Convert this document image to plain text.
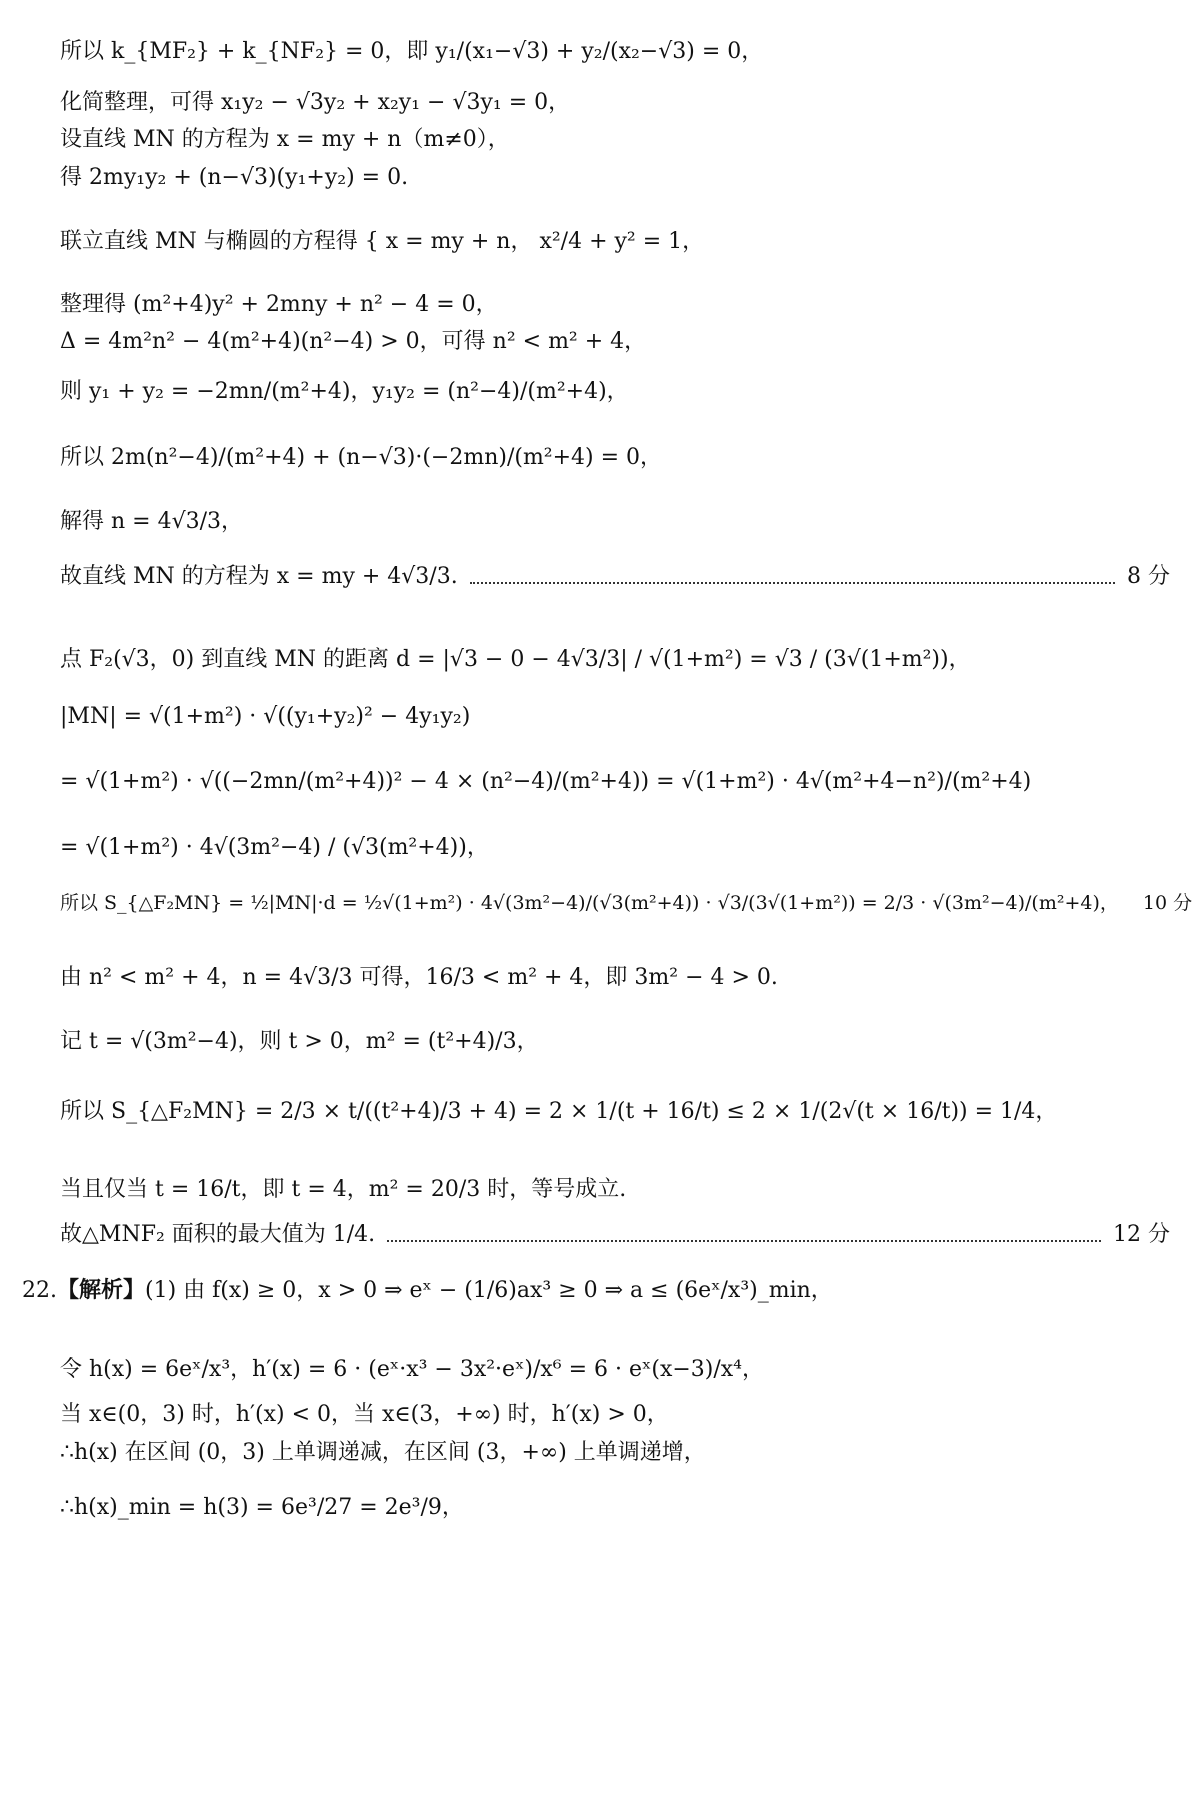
所以 k_{MF₂} + k_{NF₂} = 0，即 y₁/(x₁−√3) + y₂/(x₂−√3) = 0，
化简整理，可得 x₁y₂ − √3y₂ + x₂y₁ − √3y₁ = 0，
设直线 MN 的方程为 x = my + n（m≠0），
得 2my₁y₂ + (n−√3)(y₁+y₂) = 0.
联立直线 MN 与椭圆的方程得 { x = my + n， x²/4 + y² = 1，
整理得 (m²+4)y² + 2mny + n² − 4 = 0，
Δ = 4m²n² − 4(m²+4)(n²−4) > 0，可得 n² < m² + 4，
则 y₁ + y₂ = −2mn/(m²+4)，y₁y₂ = (n²−4)/(m²+4)，
所以 2m(n²−4)/(m²+4) + (n−√3)·(−2mn)/(m²+4) = 0，
解得 n = 4√3/3，
故直线 MN 的方程为 x = my + 4√3/3.	8 分
点 F₂(√3，0) 到直线 MN 的距离 d = |√3 − 0 − 4√3/3| / √(1+m²) = √3 / (3√(1+m²))，
|MN| = √(1+m²) · √((y₁+y₂)² − 4y₁y₂)
= √(1+m²) · √((−2mn/(m²+4))² − 4 × (n²−4)/(m²+4)) = √(1+m²) · 4√(m²+4−n²)/(m²+4)
= √(1+m²) · 4√(3m²−4) / (√3(m²+4))，
所以 S_{△F₂MN} = ½|MN|·d = ½√(1+m²) · 4√(3m²−4)/(√3(m²+4)) · √3/(3√(1+m²)) = 2/3 · √(3m²−4)/(m²+4)， 10 分
由 n² < m² + 4，n = 4√3/3 可得，16/3 < m² + 4，即 3m² − 4 > 0.
记 t = √(3m²−4)，则 t > 0，m² = (t²+4)/3，
所以 S_{△F₂MN} = 2/3 × t/((t²+4)/3 + 4) = 2 × 1/(t + 16/t) ≤ 2 × 1/(2√(t × 16/t)) = 1/4，
当且仅当 t = 16/t，即 t = 4，m² = 20/3 时，等号成立.
故△MNF₂ 面积的最大值为 1/4.	12 分
22.【解析】(1) 由 f(x) ≥ 0，x > 0 ⇒ eˣ − (1/6)ax³ ≥ 0 ⇒ a ≤ (6eˣ/x³)_min，
令 h(x) = 6eˣ/x³，h′(x) = 6 · (eˣ·x³ − 3x²·eˣ)/x⁶ = 6 · eˣ(x−3)/x⁴，
当 x∈(0，3) 时，h′(x) < 0，当 x∈(3，+∞) 时，h′(x) > 0，
∴h(x) 在区间 (0，3) 上单调递减，在区间 (3，+∞) 上单调递增，
∴h(x)_min = h(3) = 6e³/27 = 2e³/9，
